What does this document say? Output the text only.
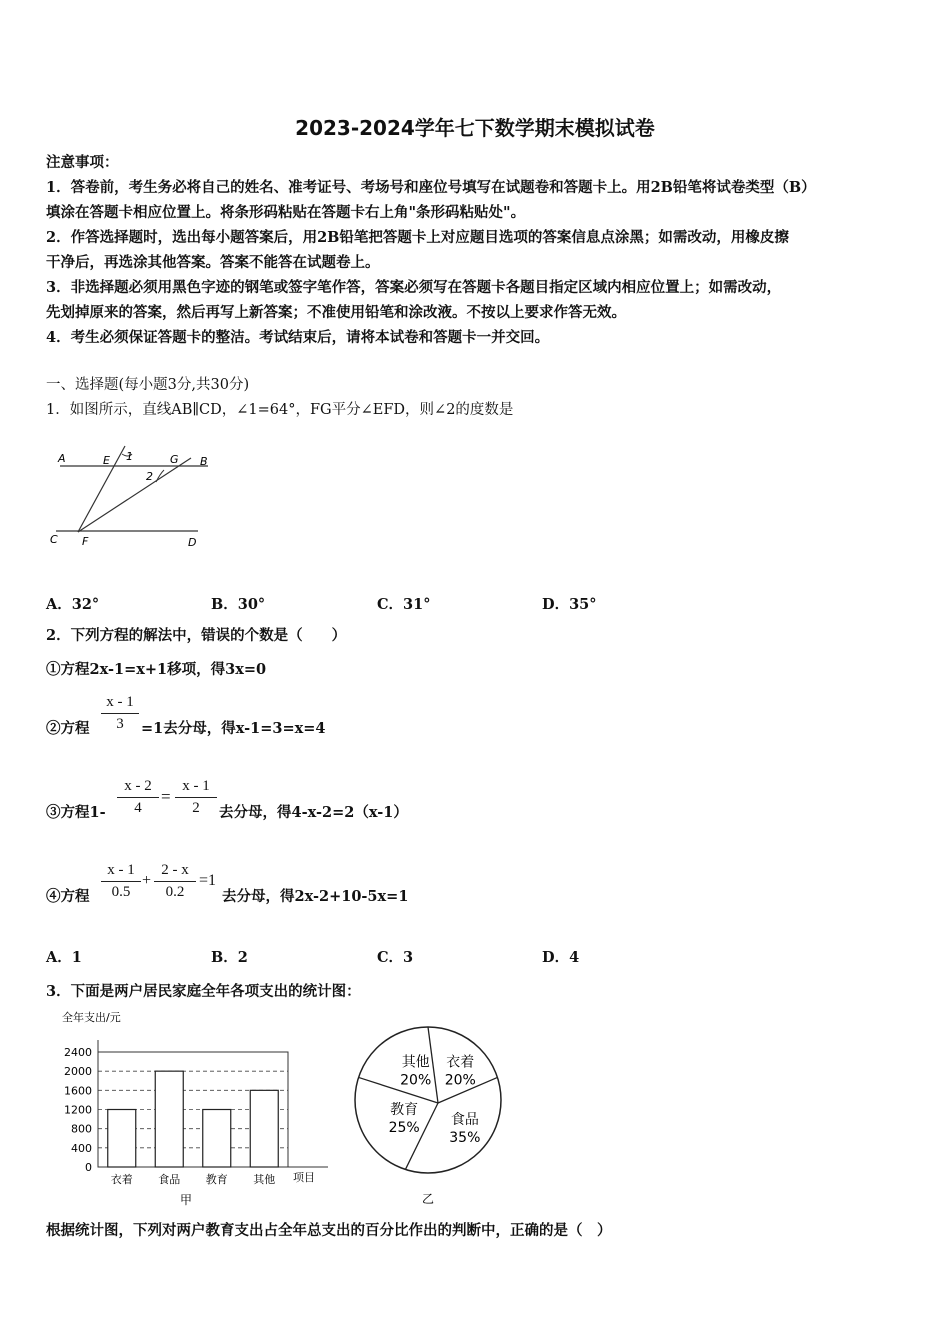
2023-2024学年七下数学期末模拟试卷

注意事项：

1．答卷前，考生务必将自己的姓名、准考证号、考场号和座位号填写在试题卷和答题卡上。用2B铅笔将试卷类型（B）

填涂在答题卡相应位置上。将条形码粘贴在答题卡右上角"条形码粘贴处"。

2．作答选择题时，选出每小题答案后，用2B铅笔把答题卡上对应题目选项的答案信息点涂黑；如需改动，用橡皮擦

干净后，再选涂其他答案。答案不能答在试题卷上。

3．非选择题必须用黑色字迹的钢笔或签字笔作答，答案必须写在答题卡各题目指定区域内相应位置上；如需改动，

先划掉原来的答案，然后再写上新答案；不准使用铅笔和涂改液。不按以上要求作答无效。

4．考生必须保证答题卡的整洁。考试结束后，请将本试卷和答题卡一并交回。

一、选择题(每小题3分,共30分)
1．如图所示，直线AB∥CD，∠1=64°，FG平分∠EFD，则∠2的度数是
A	E 1	G B
2
C F	D
A．32°	B．30°	C．31°	D．35°
2．下列方程的解法中，错误的个数是（　　）
①方程2x-1=x+1移项，得3x=0
②方程
x - 1
3	=1去分母，得x-1=3=x=4
③方程1-
x - 2
4
=
x - 1
2	去分母，得4-x-2=2（x-1）
④方程
x - 1
0.5
+
2 - x
0.2
=1
去分母，得2x-2+10-5x=1
A．1	B．2	C．3	D．4
3．下面是两户居民家庭全年各项支出的统计图：
全年支出/元
0
400
800
1200
1600
2000
2400
衣着 食品 教育 其他 项目
甲
其他
20%
衣着
20%
食品
35%
教育
25%
乙
根据统计图，下列对两户教育支出占全年总支出的百分比作出的判断中，正确的是（　）
